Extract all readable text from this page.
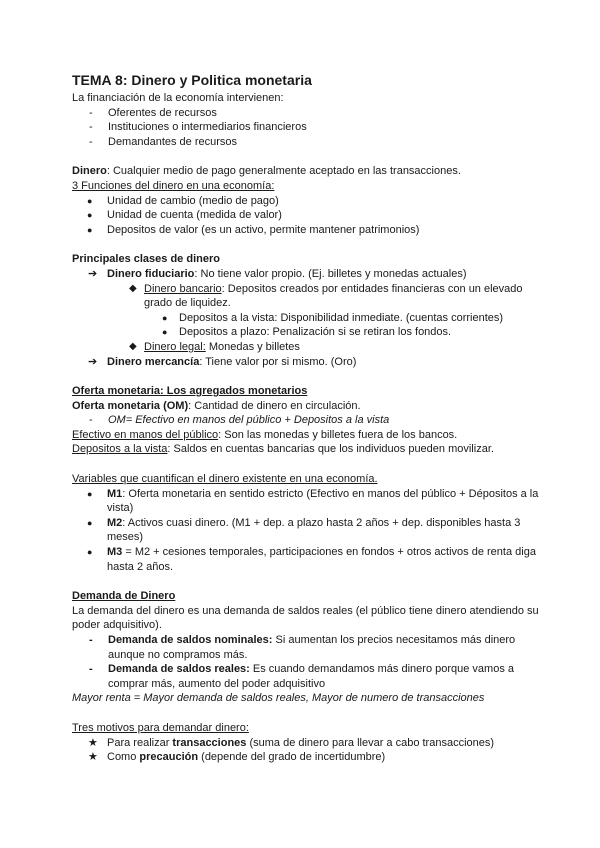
TEMA 8: Dinero y Politica monetaria

La financiación de la economía intervienen:

-	Oferentes de recursos
-	Instituciones o intermediarios financieros
-	Demandantes de recursos

Dinero: Cualquier medio de pago generalmente aceptado en las transacciones.

3 Funciones del dinero en una economía:

●	Unidad de cambio (medio de pago)
●	Unidad de cuenta (medida de valor)
●	Depositos de valor (es un activo, permite mantener patrimonios)

Principales clases de dinero

➔ Dinero fiduciario: No tiene valor propio. (Ej. billetes y monedas actuales)
◆ Dinero bancario: Depositos creados por entidades financieras con un elevado grado de liquidez.
●	Depositos a la vista: Disponibilidad inmediate. (cuentas corrientes)
●	Depositos a plazo: Penalización si se retiran los fondos.
◆ Dinero legal: Monedas y billetes
➔ Dinero mercancía: Tiene valor por si mismo. (Oro)

Oferta monetaria: Los agregados monetarios

Oferta monetaria (OM): Cantidad de dinero en circulación.

-	OM= Efectivo en manos del público + Depositos a la vista

Efectivo en manos del público: Son las monedas y billetes fuera de los bancos.

Depositos a la vista: Saldos en cuentas bancarias que los individuos pueden movilizar.

Variables que cuantifican el dinero existente en una economía.

●	M1: Oferta monetaria en sentido estricto (Efectivo en manos del público + Dépositos a la vista)
●	M2: Activos cuasi dinero. (M1 + dep. a plazo hasta 2 años + dep. disponibles hasta 3 meses)
●	M3 = M2 + cesiones temporales, participaciones en fondos + otros activos de renta diga hasta 2 años.

Demanda de Dinero

La demanda del dinero es una demanda de saldos reales (el público tiene dinero atendiendo su poder adquisitivo).

-	Demanda de saldos nominales: Si aumentan los precios necesitamos más dinero aunque no compramos más.
-	Demanda de saldos reales: Es cuando demandamos más dinero porque vamos a comprar más, aumento del poder adquisitivo

Mayor renta = Mayor demanda de saldos reales, Mayor de numero de transacciones

Tres motivos para demandar dinero:

★ Para realizar transacciones (suma de dinero para llevar a cabo transacciones)
★ Como precaución (depende del grado de incertidumbre)
